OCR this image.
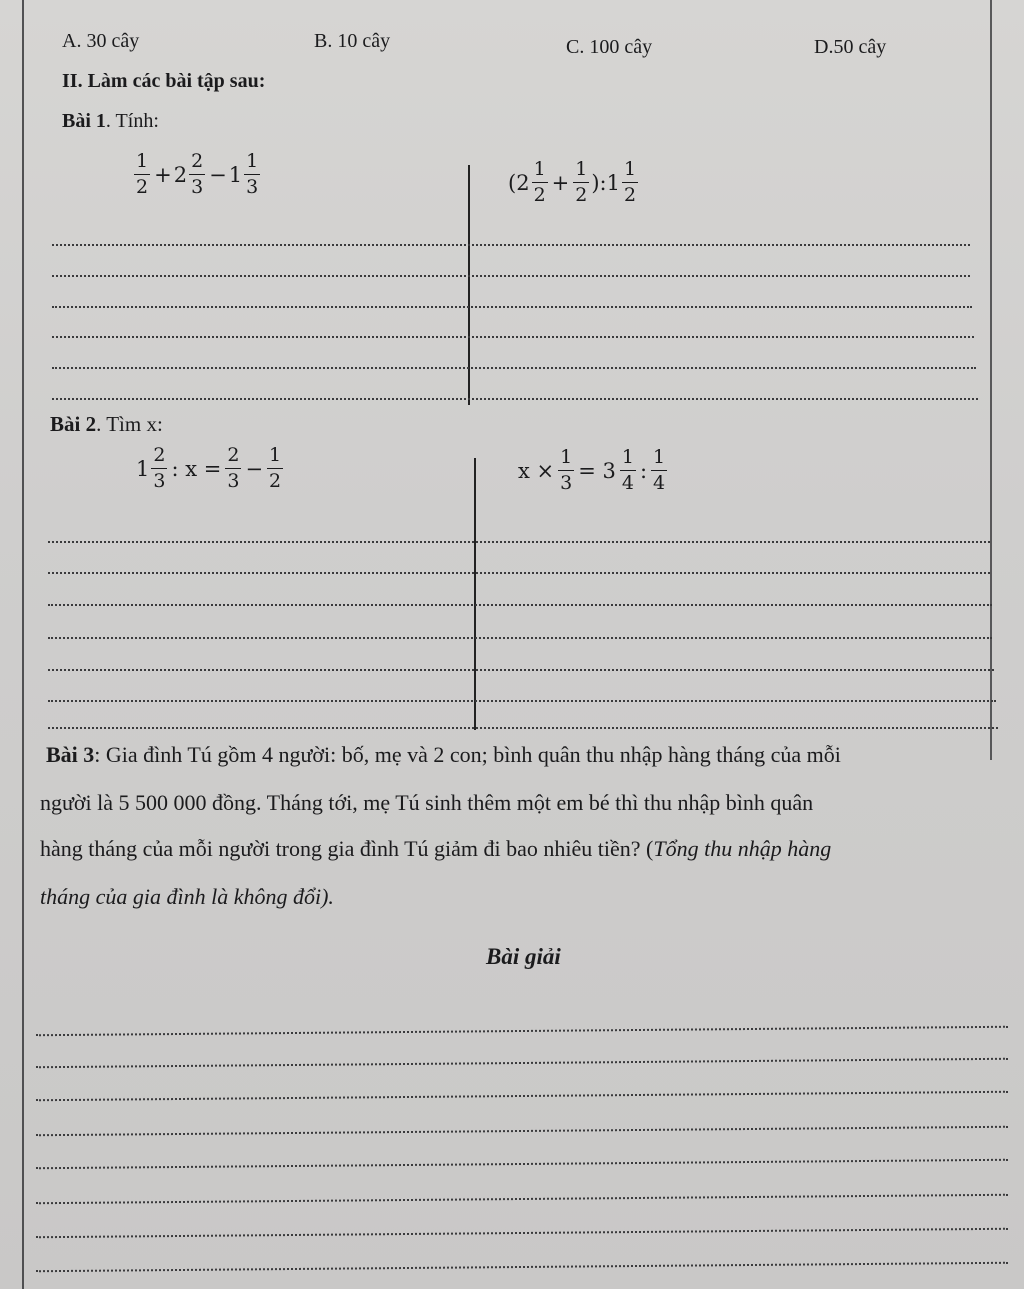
A. 30 cây	B. 10 cây	C. 100 cây	D.50 cây
II. Làm các bài tập sau:
Bài 1. Tính:
$\frac{1}{2} + 2 \frac{2}{3} - 1 \frac{1}{3}$	($2 \frac{1}{2} + \frac{1}{2}$ ):1 $\frac{1}{2}$
Bài 2. Tìm x:
$1 \frac{2}{3}$ : $x = \frac{2}{3} - \frac{1}{2}$	$x \times \frac{1}{3} = 3 \frac{1}{4}$ : $\frac{1}{4}$
Bài 3: Gia đình Tú gồm 4 người: bố, mẹ và 2 con; bình quân thu nhập hàng tháng của mỗi
người là 5 500 000 đồng. Tháng tới, mẹ Tú sinh thêm một em bé thì thu nhập bình quân
hàng tháng của mỗi người trong gia đình Tú giảm đi bao nhiêu tiền? (Tổng thu nhập hàng
tháng của gia đình là không đổi).
Bài giải
